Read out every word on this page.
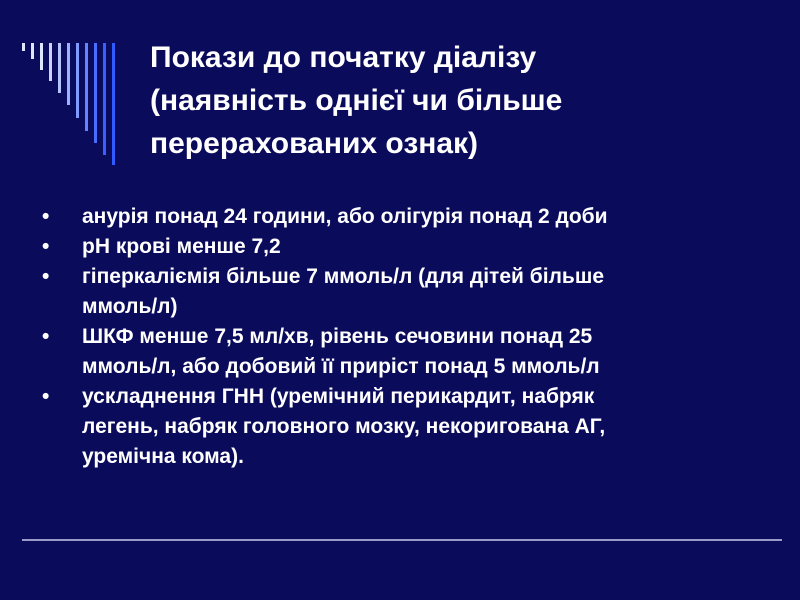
Покази до початку діалізу
(наявність однієї чи більше
перерахованих ознак)
•	анурія понад 24 години, або олігурія понад 2 доби
•	pH крові менше 7,2
•	гіперкаліємія більше 7 ммоль/л (для дітей більше
ммоль/л)
•	ШКФ менше 7,5 мл/хв, рівень сечовини понад 25
ммоль/л, або добовий її приріст понад 5 ммоль/л
•	ускладнення ГНН (уремічний перикардит, набряк
легень, набряк головного мозку, некоригована АГ,
уремічна кома).
